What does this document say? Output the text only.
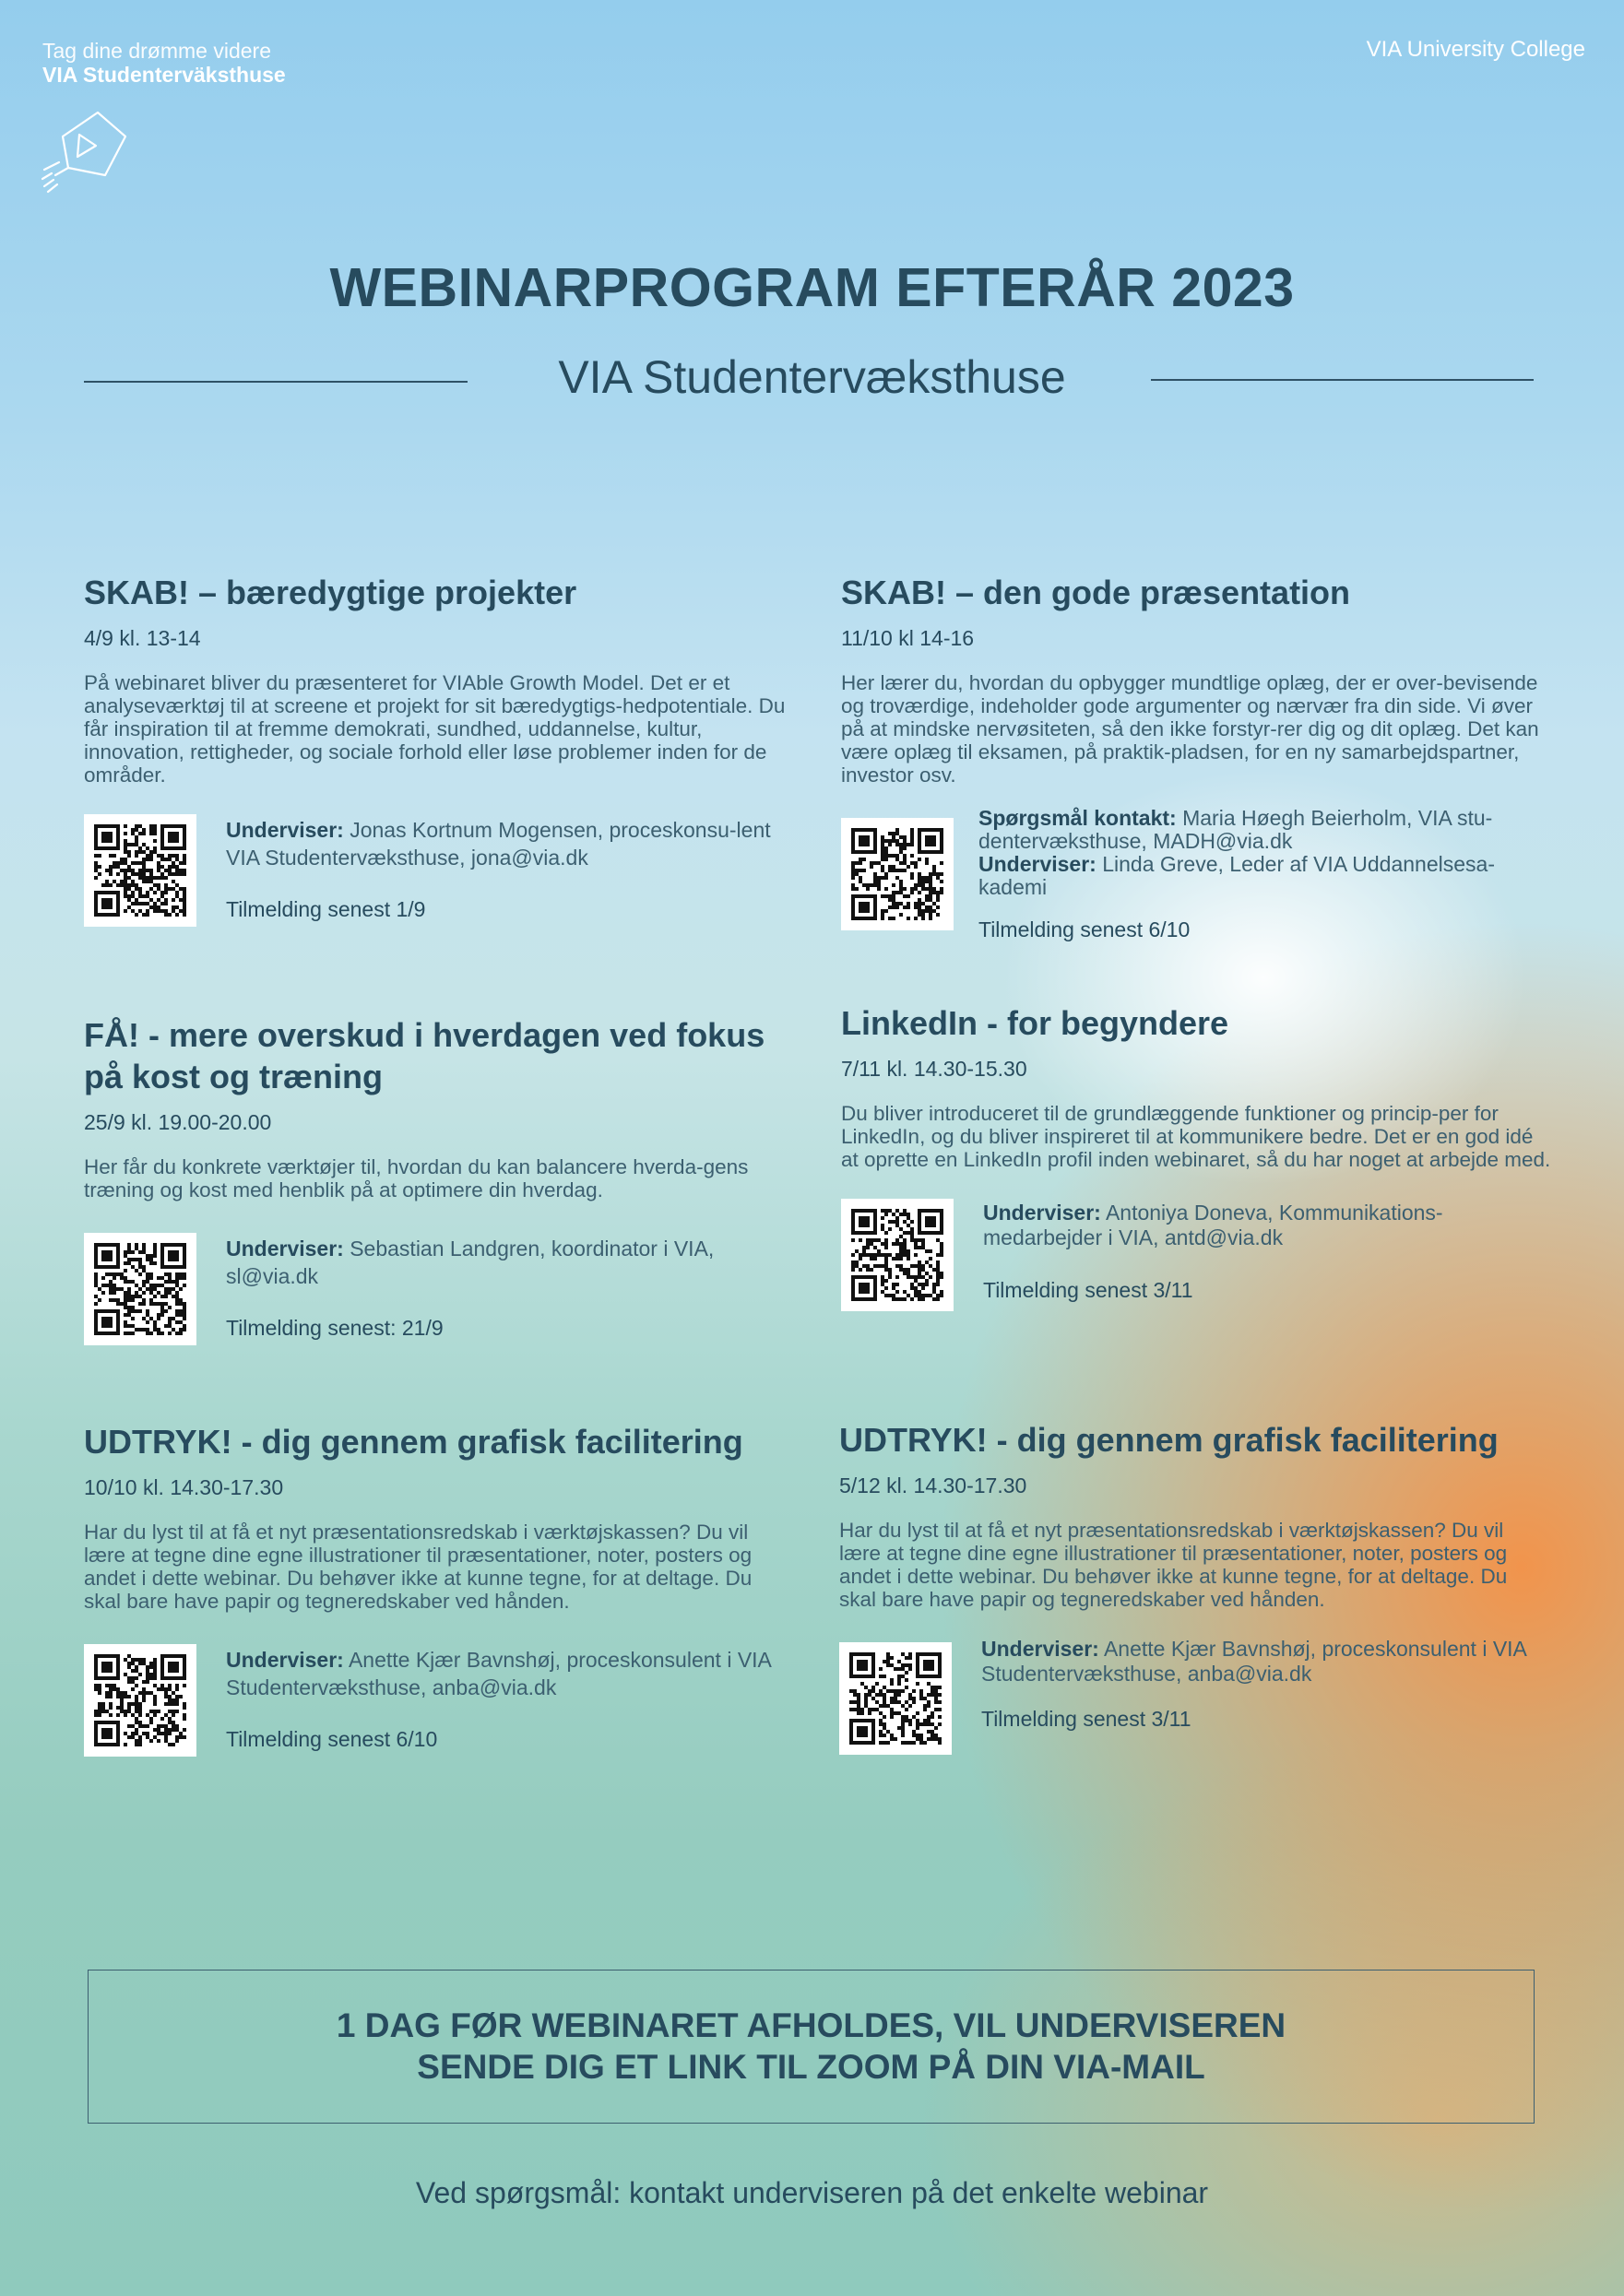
Tag dine drømme videre
VIA Studenterväksthuse
VIA University College
WEBINARPROGRAM EFTERÅR 2023
VIA Studentervæksthuse
SKAB! – bæredygtige projekter
4/9 kl. 13-14
På webinaret bliver du præsenteret for VIAble Growth Model. Det er et analyseværktøj til at screene et projekt for sit bæredygtigs-hedpotentiale. Du får inspiration til at fremme demokrati, sundhed, uddannelse, kultur, innovation, rettigheder, og sociale forhold eller løse problemer inden for de områder.
Underviser: Jonas Kortnum Mogensen, proceskonsu-lent VIA Studentervæksthuse, jona@via.dk
Tilmelding senest 1/9
SKAB! – den gode præsentation
11/10 kl 14-16
Her lærer du, hvordan du opbygger mundtlige oplæg, der er over-bevisende og troværdige, indeholder gode argumenter og nærvær fra din side. Vi øver på at mindske nervøsiteten, så den ikke forstyr-rer dig og dit oplæg. Det kan være oplæg til eksamen, på praktik-pladsen, for en ny samarbejdspartner, investor osv.
Spørgsmål kontakt: Maria Høegh Beierholm, VIA stu-dentervæksthuse, MADH@via.dk
Underviser: Linda Greve, Leder af VIA Uddannelsesa-kademi
Tilmelding senest 6/10
FÅ! - mere overskud i hverdagen ved fokus på kost og træning
25/9 kl. 19.00-20.00
Her får du konkrete værktøjer til, hvordan du kan balancere hverda-gens træning og kost med henblik på at optimere din hverdag.
Underviser: Sebastian Landgren, koordinator i VIA, sl@via.dk
Tilmelding senest: 21/9
LinkedIn - for begyndere
7/11 kl. 14.30-15.30
Du bliver introduceret til de grundlæggende funktioner og princip-per for LinkedIn, og du bliver inspireret til at kommunikere bedre. Det er en god idé at oprette en LinkedIn profil inden webinaret, så du har noget at arbejde med.
Underviser: Antoniya Doneva, Kommunikations-medarbejder i VIA, antd@via.dk
Tilmelding senest 3/11
UDTRYK! - dig gennem grafisk facilitering
10/10 kl. 14.30-17.30
Har du lyst til at få et nyt præsentationsredskab i værktøjskassen? Du vil lære at tegne dine egne illustrationer til præsentationer, noter, posters og andet i dette webinar. Du behøver ikke at kunne tegne, for at deltage. Du skal bare have papir og tegneredskaber ved hånden.
Underviser: Anette Kjær Bavnshøj, proceskonsulent i VIA Studentervæksthuse, anba@via.dk
Tilmelding senest 6/10
UDTRYK! - dig gennem grafisk facilitering
5/12 kl. 14.30-17.30
Har du lyst til at få et nyt præsentationsredskab i værktøjskassen? Du vil lære at tegne dine egne illustrationer til præsentationer, noter, posters og andet i dette webinar. Du behøver ikke at kunne tegne, for at deltage. Du skal bare have papir og tegneredskaber ved hånden.
Underviser: Anette Kjær Bavnshøj, proceskonsulent i VIA Studentervæksthuse, anba@via.dk
Tilmelding senest 3/11
1 DAG FØR WEBINARET AFHOLDES, VIL UNDERVISEREN
SENDE DIG ET LINK TIL ZOOM PÅ DIN VIA-MAIL
Ved spørgsmål: kontakt underviseren på det enkelte webinar
